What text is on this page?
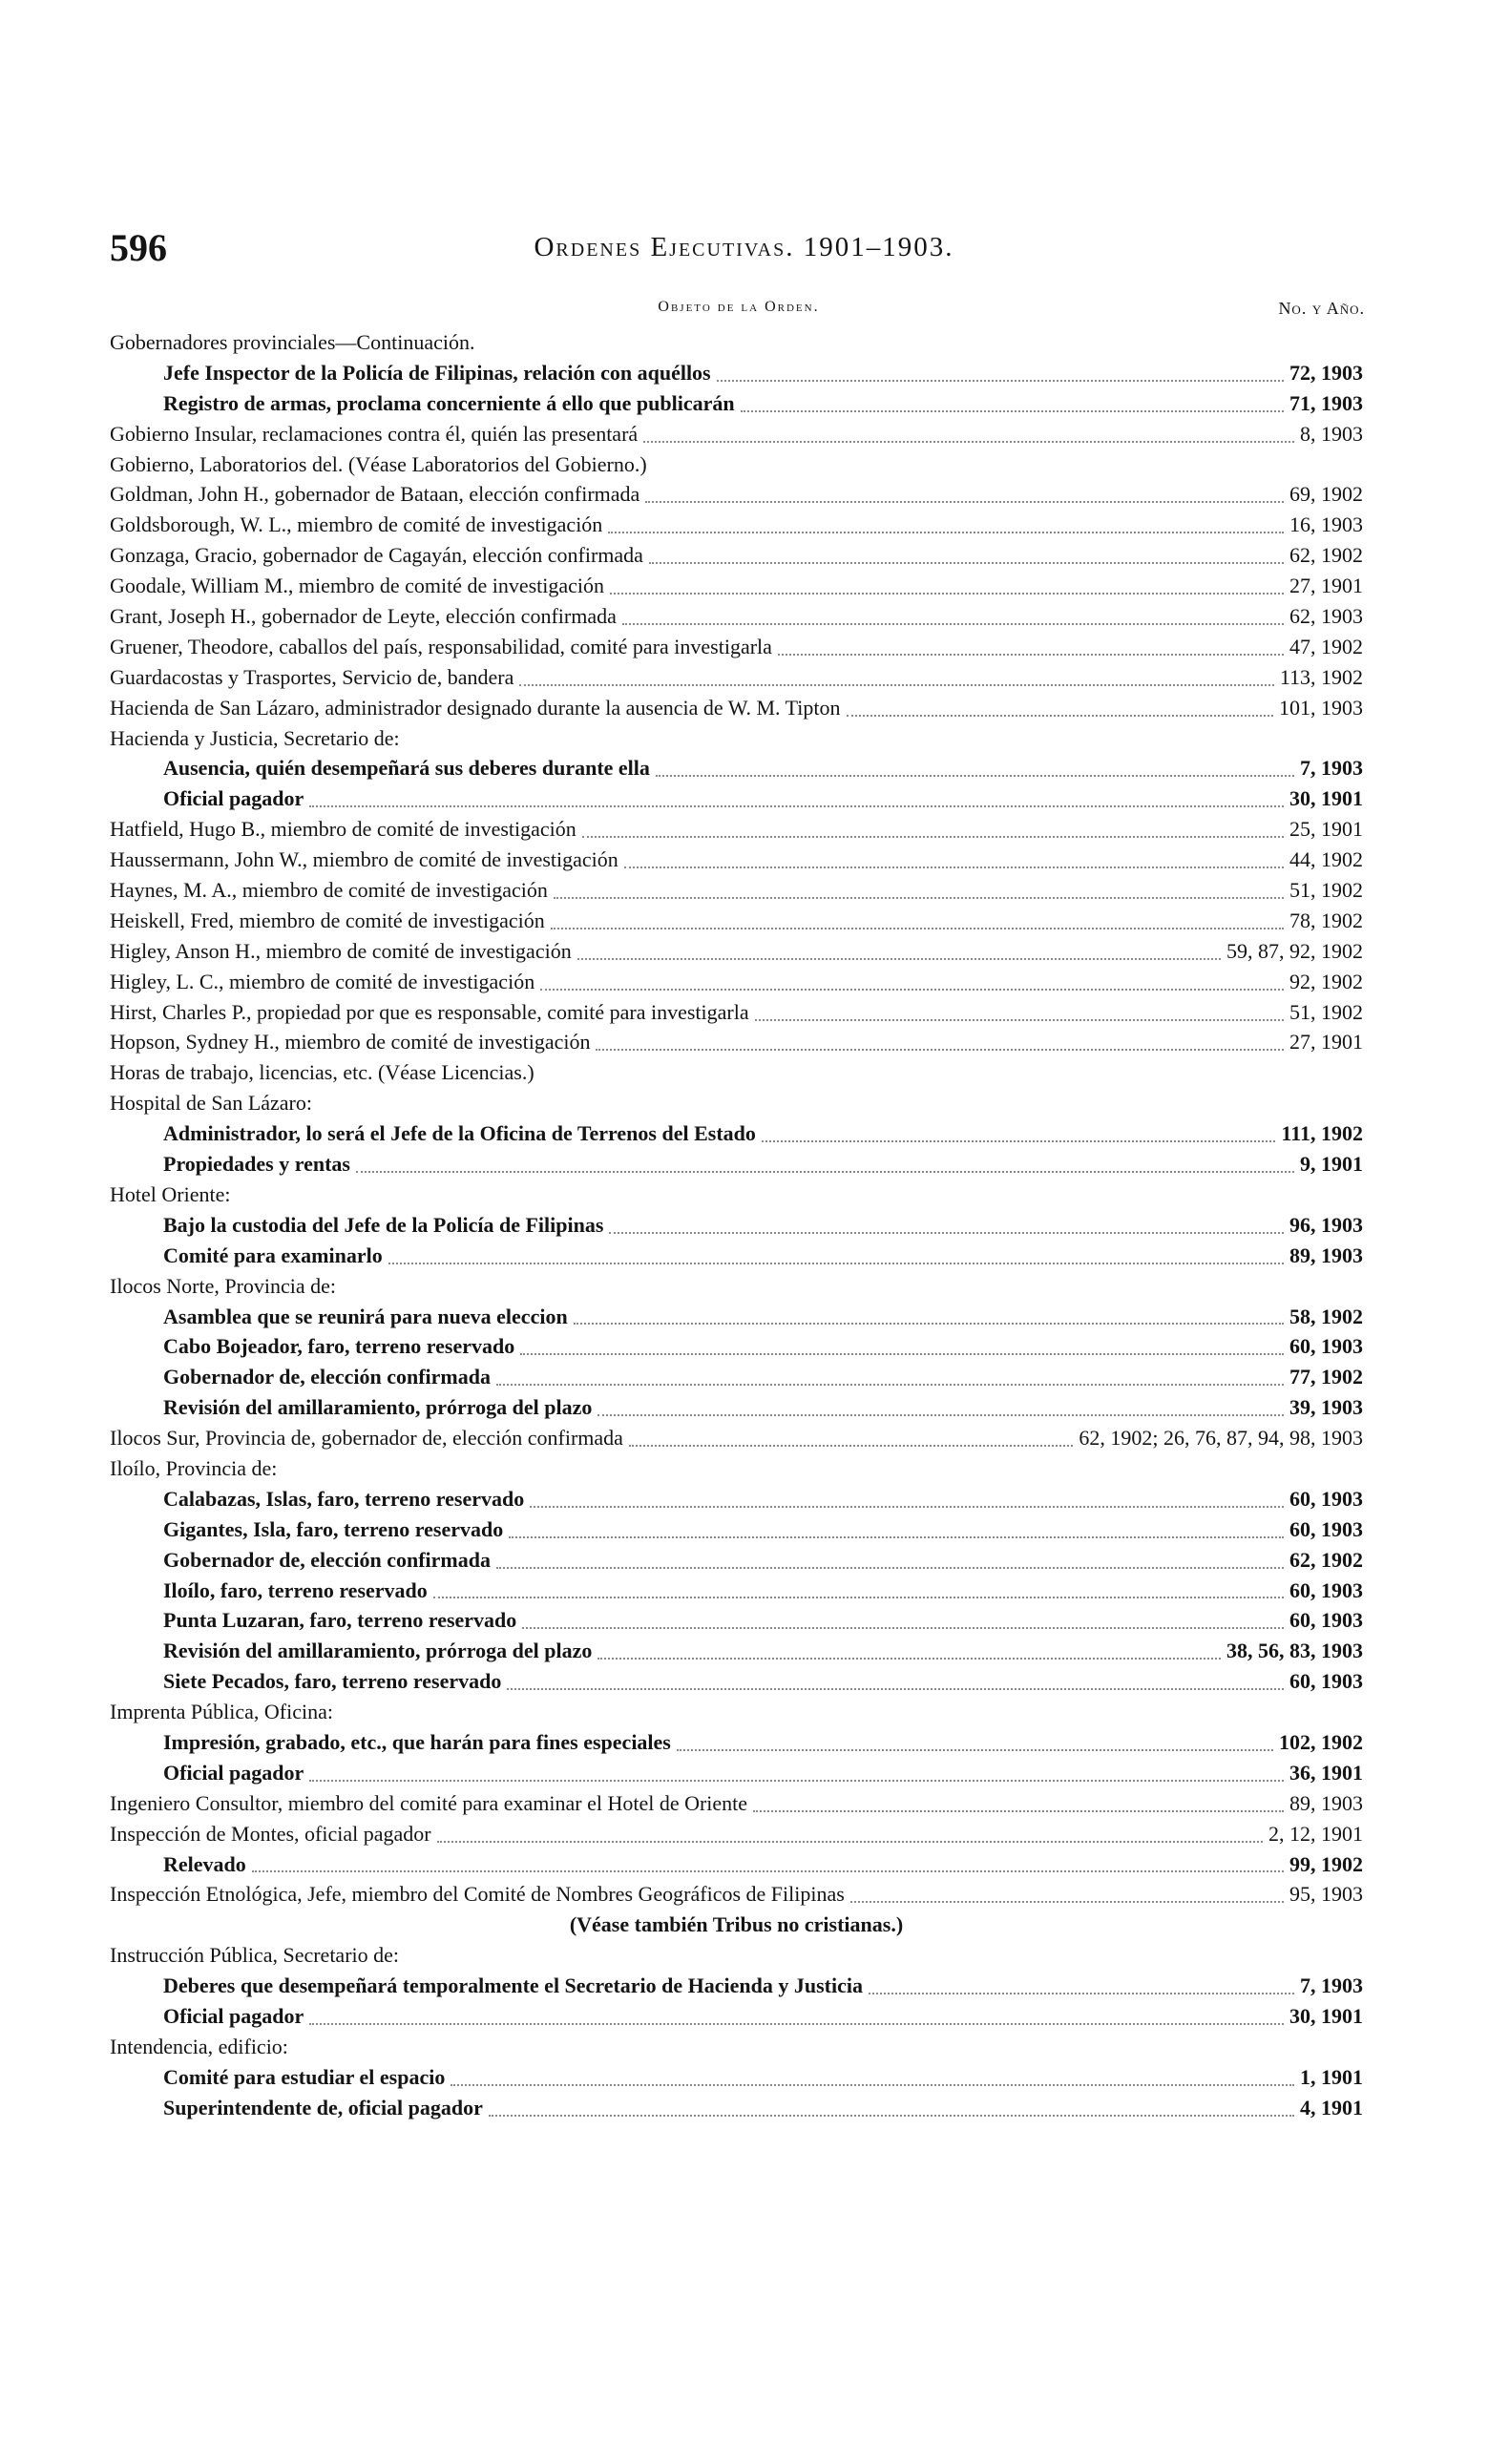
596	Ordenes Ejecutivas. 1901–1903.
Objeto de la Orden.	No. y Año.
Gobernadores provinciales—Continuación.
Jefe Inspector de la Policía de Filipinas, relación con aquéllos	72, 1903
Registro de armas, proclama concerniente á ello que publicarán	71, 1903
Gobierno Insular, reclamaciones contra él, quién las presentará	8, 1903
Gobierno, Laboratorios del. (Véase Laboratorios del Gobierno.)
Goldman, John H., gobernador de Bataan, elección confirmada	69, 1902
Goldsborough, W. L., miembro de comité de investigación	16, 1903
Gonzaga, Gracio, gobernador de Cagayán, elección confirmada	62, 1902
Goodale, William M., miembro de comité de investigación	27, 1901
Grant, Joseph H., gobernador de Leyte, elección confirmada	62, 1903
Gruener, Theodore, caballos del país, responsabilidad, comité para investigarla	47, 1902
Guardacostas y Trasportes, Servicio de, bandera	113, 1902
Hacienda de San Lázaro, administrador designado durante la ausencia de W. M. Tipton	101, 1903
Hacienda y Justicia, Secretario de:
Ausencia, quién desempeñará sus deberes durante ella	7, 1903
Oficial pagador	30, 1901
Hatfield, Hugo B., miembro de comité de investigación	25, 1901
Haussermann, John W., miembro de comité de investigación	44, 1902
Haynes, M. A., miembro de comité de investigación	51, 1902
Heiskell, Fred, miembro de comité de investigación	78, 1902
Higley, Anson H., miembro de comité de investigación	59, 87, 92, 1902
Higley, L. C., miembro de comité de investigación	92, 1902
Hirst, Charles P., propiedad por que es responsable, comité para investigarla	51, 1902
Hopson, Sydney H., miembro de comité de investigación	27, 1901
Horas de trabajo, licencias, etc. (Véase Licencias.)
Hospital de San Lázaro:
Administrador, lo será el Jefe de la Oficina de Terrenos del Estado	111, 1902
Propiedades y rentas	9, 1901
Hotel Oriente:
Bajo la custodia del Jefe de la Policía de Filipinas	96, 1903
Comité para examinarlo	89, 1903
Ilocos Norte, Provincia de:
Asamblea que se reunirá para nueva eleccion	58, 1902
Cabo Bojeador, faro, terreno reservado	60, 1903
Gobernador de, elección confirmada	77, 1902
Revisión del amillaramiento, prórroga del plazo	39, 1903
Ilocos Sur, Provincia de, gobernador de, elección confirmada	62, 1902; 26, 76, 87, 94, 98, 1903
Iloílo, Provincia de:
Calabazas, Islas, faro, terreno reservado	60, 1903
Gigantes, Isla, faro, terreno reservado	60, 1903
Gobernador de, elección confirmada	62, 1902
Iloílo, faro, terreno reservado	60, 1903
Punta Luzaran, faro, terreno reservado	60, 1903
Revisión del amillaramiento, prórroga del plazo	38, 56, 83, 1903
Siete Pecados, faro, terreno reservado	60, 1903
Imprenta Pública, Oficina:
Impresión, grabado, etc., que harán para fines especiales	102, 1902
Oficial pagador	36, 1901
Ingeniero Consultor, miembro del comité para examinar el Hotel de Oriente	89, 1903
Inspección de Montes, oficial pagador	2, 12, 1901
Relevado	99, 1902
Inspección Etnológica, Jefe, miembro del Comité de Nombres Geográficos de Filipinas	95, 1903
(Véase también Tribus no cristianas.)
Instrucción Pública, Secretario de:
Deberes que desempeñará temporalmente el Secretario de Hacienda y Justicia	7, 1903
Oficial pagador	30, 1901
Intendencia, edificio:
Comité para estudiar el espacio	1, 1901
Superintendente de, oficial pagador	4, 1901
